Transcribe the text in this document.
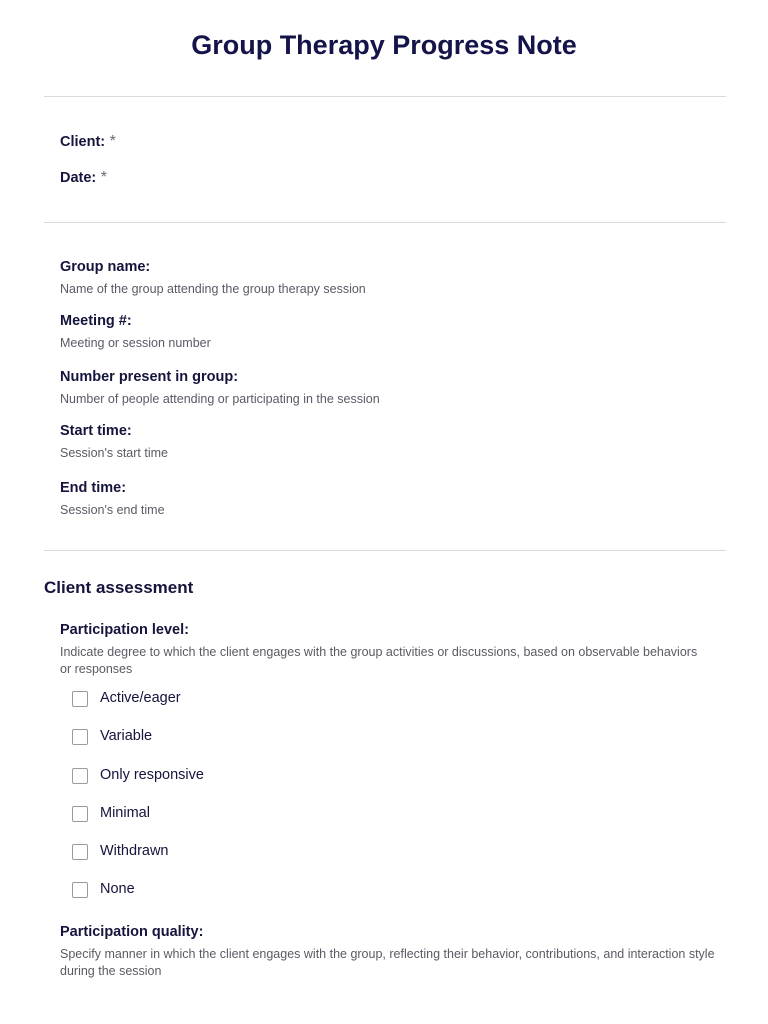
Group Therapy Progress Note
Client: *
Date: *
Group name:
Name of the group attending the group therapy session
Meeting #:
Meeting or session number
Number present in group:
Number of people attending or participating in the session
Start time:
Session's start time
End time:
Session's end time
Client assessment
Participation level:
Indicate degree to which the client engages with the group activities or discussions, based on observable behaviors or responses
Active/eager
Variable
Only responsive
Minimal
Withdrawn
None
Participation quality:
Specify manner in which the client engages with the group, reflecting their behavior, contributions, and interaction style during the session
